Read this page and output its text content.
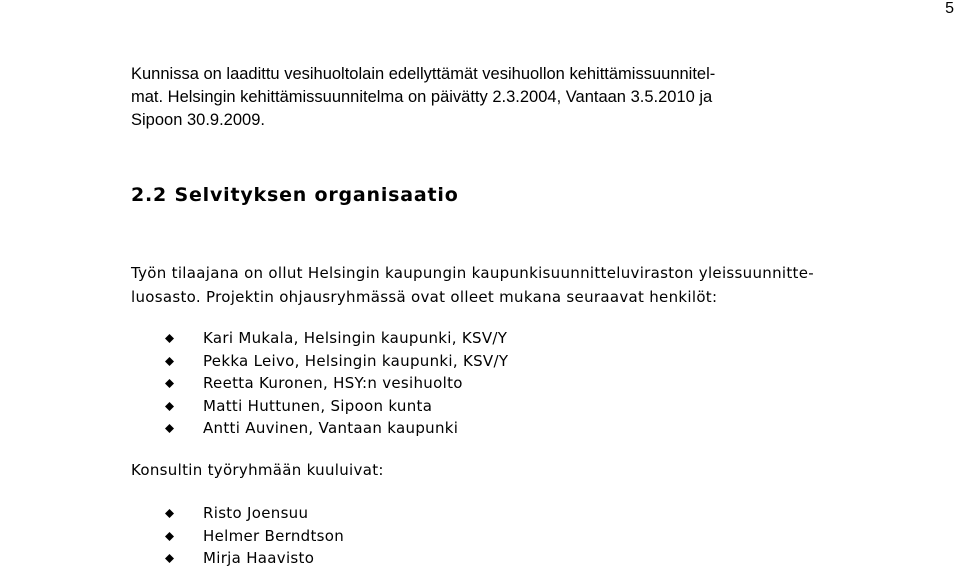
5

Kunnissa on laadittu vesihuoltolain edellyttämät vesihuollon kehittämissuunnitel-
mat. Helsingin kehittämissuunnitelma on päivätty 2.3.2004, Vantaan 3.5.2010 ja
Sipoon 30.9.2009.

2.2 Selvityksen organisaatio

Työn tilaajana on ollut Helsingin kaupungin kaupunkisuunnitteluviraston yleissuunnitte-
luosasto. Projektin ohjausryhmässä ovat olleet mukana seuraavat henkilöt:

Kari Mukala, Helsingin kaupunki, KSV/Y
Pekka Leivo, Helsingin kaupunki, KSV/Y
Reetta Kuronen, HSY:n vesihuolto
Matti Huttunen, Sipoon kunta
Antti Auvinen, Vantaan kaupunki

Konsultin työryhmään kuuluivat:

Risto Joensuu
Helmer Berndtson
Mirja Haavisto
